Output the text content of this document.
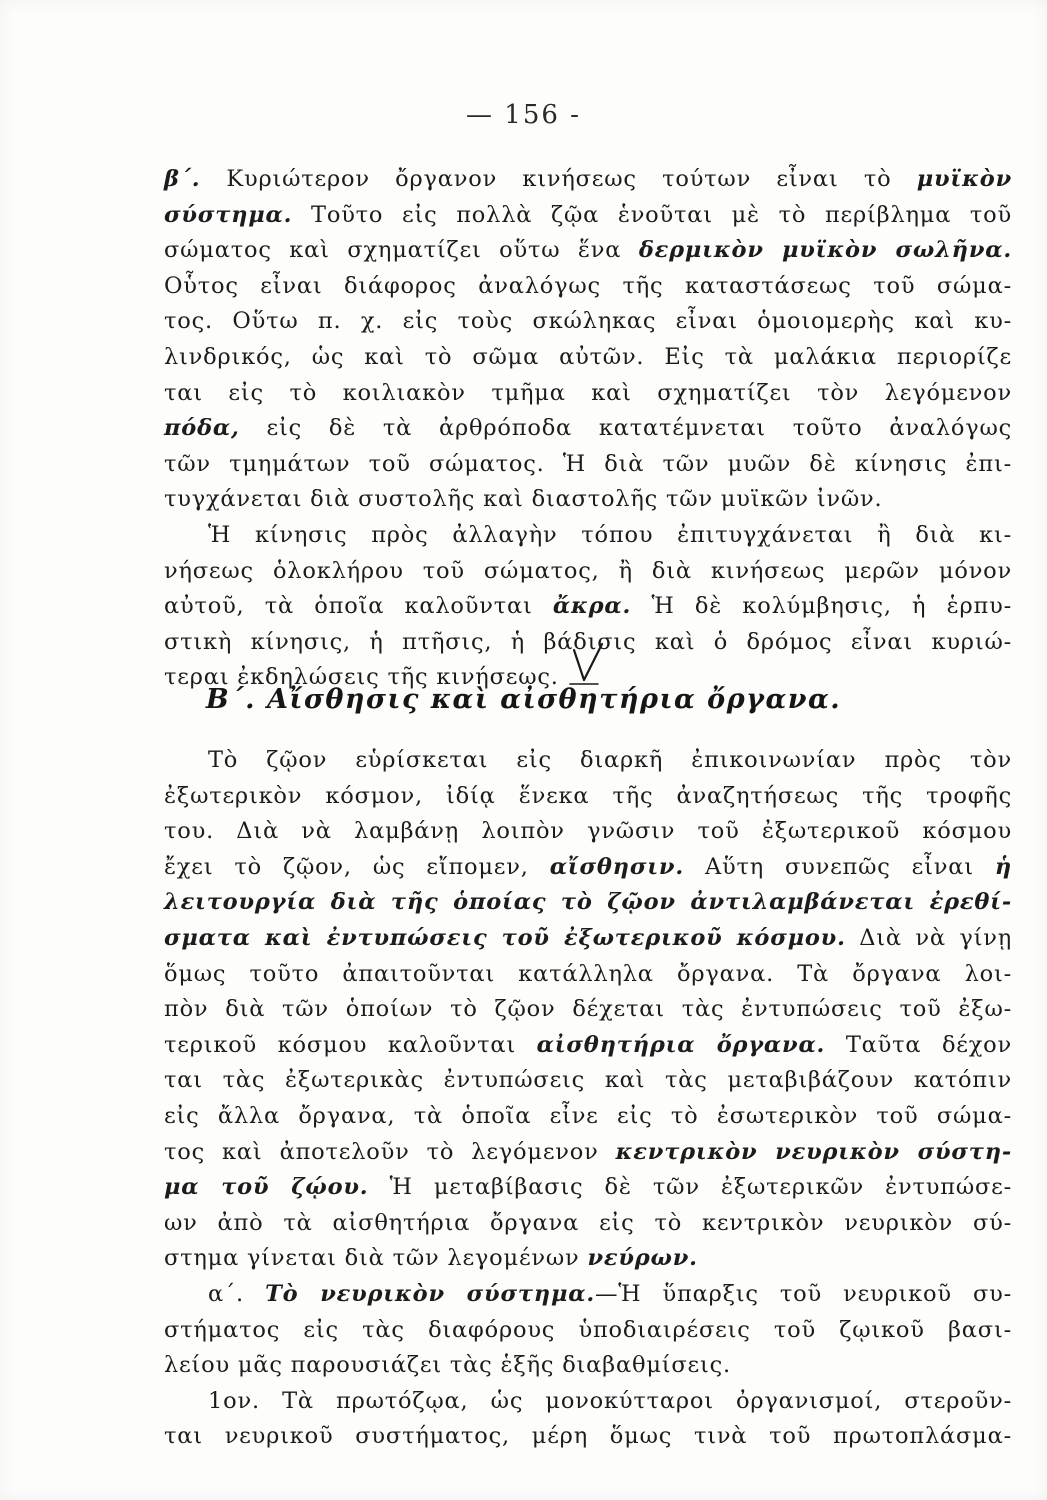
— 156 -
β΄. Κυριώτερον ὄργανον κινήσεως τούτων εἶναι τὸ μυϊκὸν
σύστημα. Τοῦτο εἰς πολλὰ ζῷα ἑνοῦται μὲ τὸ περίβλημα τοῦ
σώματος καὶ σχηματίζει οὕτω ἕνα δερμικὸν μυϊκὸν σωλῆνα.
Οὗτος εἶναι διάφορος ἀναλόγως τῆς καταστάσεως τοῦ σώμα-
τος. Οὕτω π. χ. εἰς τοὺς σκώληκας εἶναι ὁμοιομερὴς καὶ κυ-
λινδρικός, ὡς καὶ τὸ σῶμα αὐτῶν. Εἰς τὰ μαλάκια περιορίζε
ται εἰς τὸ κοιλιακὸν τμῆμα καὶ σχηματίζει τὸν λεγόμενον
πόδα, εἰς δὲ τὰ ἀρθρόποδα κατατέμνεται τοῦτο ἀναλόγως
τῶν τμημάτων τοῦ σώματος. Ἡ διὰ τῶν μυῶν δὲ κίνησις ἐπι-
τυγχάνεται διὰ συστολῆς καὶ διαστολῆς τῶν μυϊκῶν ἰνῶν.
Ἡ κίνησις πρὸς ἀλλαγὴν τόπου ἐπιτυγχάνεται ἢ διὰ κι-
νήσεως ὁλοκλήρου τοῦ σώματος, ἢ διὰ κινήσεως μερῶν μόνον
αὐτοῦ, τὰ ὁποῖα καλοῦνται ἄκρα. Ἡ δὲ κολύμβησις, ἡ ἑρπυ-
στικὴ κίνησις, ἡ πτῆσις, ἡ βάδισις καὶ ὁ δρόμος εἶναι κυριώ-
τεραι ἐκδηλώσεις τῆς κινήσεως.
Β΄. Αἴσθησις καὶ αἰσθητήρια ὄργανα.
Τὸ ζῷον εὑρίσκεται εἰς διαρκῆ ἐπικοινωνίαν πρὸς τὸν
ἐξωτερικὸν κόσμον, ἰδίᾳ ἕνεκα τῆς ἀναζητήσεως τῆς τροφῆς
του. Διὰ νὰ λαμβάνῃ λοιπὸν γνῶσιν τοῦ ἐξωτερικοῦ κόσμου
ἔχει τὸ ζῷον, ὡς εἴπομεν, αἴσθησιν. Αὕτη συνεπῶς εἶναι ἡ
λειτουργία διὰ τῆς ὁποίας τὸ ζῷον ἀντιλαμβάνεται ἐρεθί-
σματα καὶ ἐντυπώσεις τοῦ ἐξωτερικοῦ κόσμου. Διὰ νὰ γίνῃ
ὅμως τοῦτο ἀπαιτοῦνται κατάλληλα ὄργανα. Τὰ ὄργανα λοι-
πὸν διὰ τῶν ὁποίων τὸ ζῷον δέχεται τὰς ἐντυπώσεις τοῦ ἐξω-
τερικοῦ κόσμου καλοῦνται αἰσθητήρια ὄργανα. Ταῦτα δέχον
ται τὰς ἐξωτερικὰς ἐντυπώσεις καὶ τὰς μεταβιβάζουν κατόπιν
εἰς ἄλλα ὄργανα, τὰ ὁποῖα εἶνε εἰς τὸ ἐσωτερικὸν τοῦ σώμα-
τος καὶ ἀποτελοῦν τὸ λεγόμενον κεντρικὸν νευρικὸν σύστη-
μα τοῦ ζῴου. Ἡ μεταβίβασις δὲ τῶν ἐξωτερικῶν ἐντυπώσε-
ων ἀπὸ τὰ αἰσθητήρια ὄργανα εἰς τὸ κεντρικὸν νευρικὸν σύ-
στημα γίνεται διὰ τῶν λεγομένων νεύρων.
α΄. Τὸ νευρικὸν σύστημα.—Ἡ ὕπαρξις τοῦ νευρικοῦ συ-
στήματος εἰς τὰς διαφόρους ὑποδιαιρέσεις τοῦ ζῳικοῦ βασι-
λείου μᾶς παρουσιάζει τὰς ἑξῆς διαβαθμίσεις.
1ον. Τὰ πρωτόζῳα, ὡς μονοκύτταροι ὀργανισμοί, στεροῦν-
ται νευρικοῦ συστήματος, μέρη ὅμως τινὰ τοῦ πρωτοπλάσμα-
